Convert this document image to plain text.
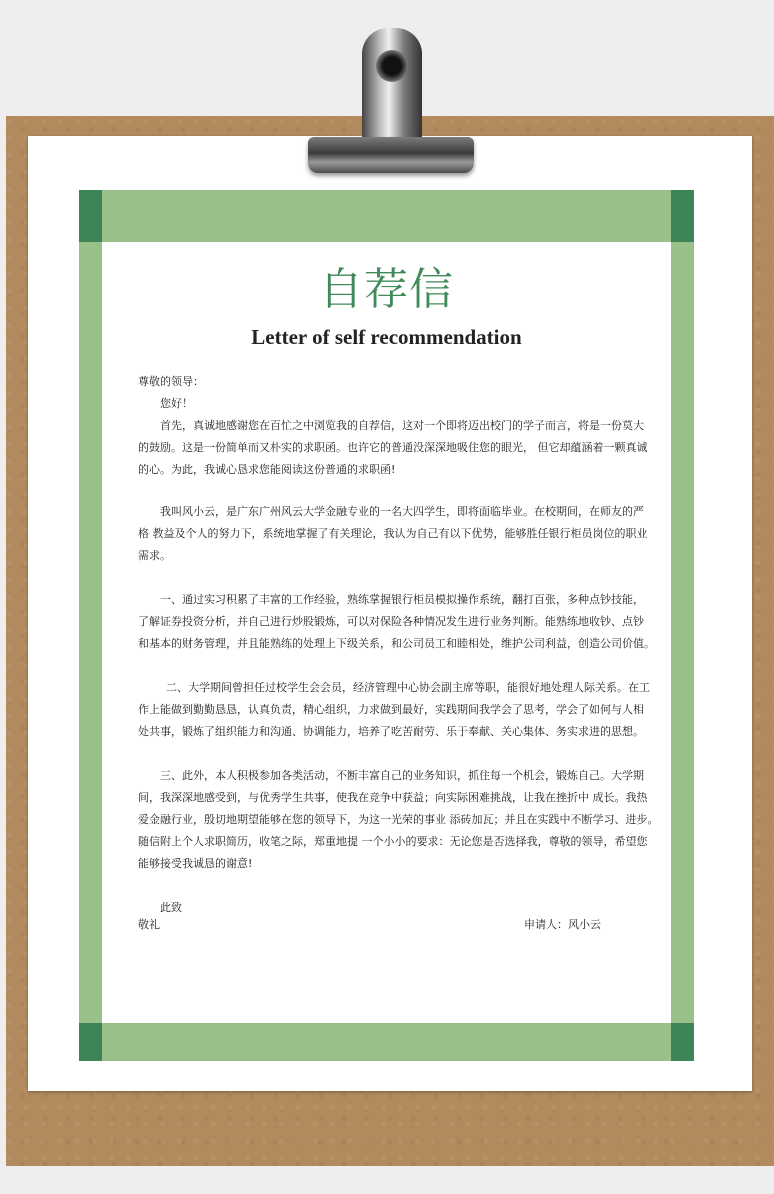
自荐信
Letter of self recommendation

尊敬的领导：

您好！

首先，真诚地感谢您在百忙之中浏览我的自荐信，这对一个即将迈出校门的学子而言，将是一份莫大

的鼓励。这是一份简单而又朴实的求职函。也许它的普通没深深地吸住您的眼光， 但它却蕴涵着一颗真诚

的心。为此，我诚心恳求您能阅读这份普通的求职函!

我叫风小云，是广东广州风云大学金融专业的一名大四学生，即将面临毕业。在校期间，在师友的严

格 教益及个人的努力下，系统地掌握了有关理论，我认为自己有以下优势，能够胜任银行柜员岗位的职业

需求。

一、通过实习积累了丰富的工作经验，熟练掌握银行柜员模拟操作系统，翻打百张，多种点钞技能，

了解证券投资分析，并自己进行炒股锻炼，可以对保险各种情况发生进行业务判断。能熟练地收钞、点钞

和基本的财务管理，并且能熟练的处理上下级关系，和公司员工和睦相处，维护公司利益，创造公司价值。

二、大学期间曾担任过校学生会会员，经济管理中心协会副主席等职，能很好地处理人际关系。在工

作上能做到勤勤恳恳，认真负责，精心组织，力求做到最好，实践期间我学会了思考，学会了如何与人相

处共事，锻炼了组织能力和沟通、协调能力，培养了吃苦耐劳、乐于奉献、关心集体、务实求进的思想。

三、此外，本人积极参加各类活动，不断丰富自己的业务知识，抓住每一个机会，锻炼自己。大学期

间，我深深地感受到，与优秀学生共事，使我在竞争中获益；向实际困难挑战，让我在挫折中 成长。我热

爱金融行业，殷切地期望能够在您的领导下，为这一光荣的事业 添砖加瓦；并且在实践中不断学习、进步。

随信附上个人求职简历，收笔之际，郑重地提 一个小小的要求：无论您是否选择我，尊敬的领导，希望您

能够接受我诚恳的谢意!

此致

敬礼	申请人：风小云
